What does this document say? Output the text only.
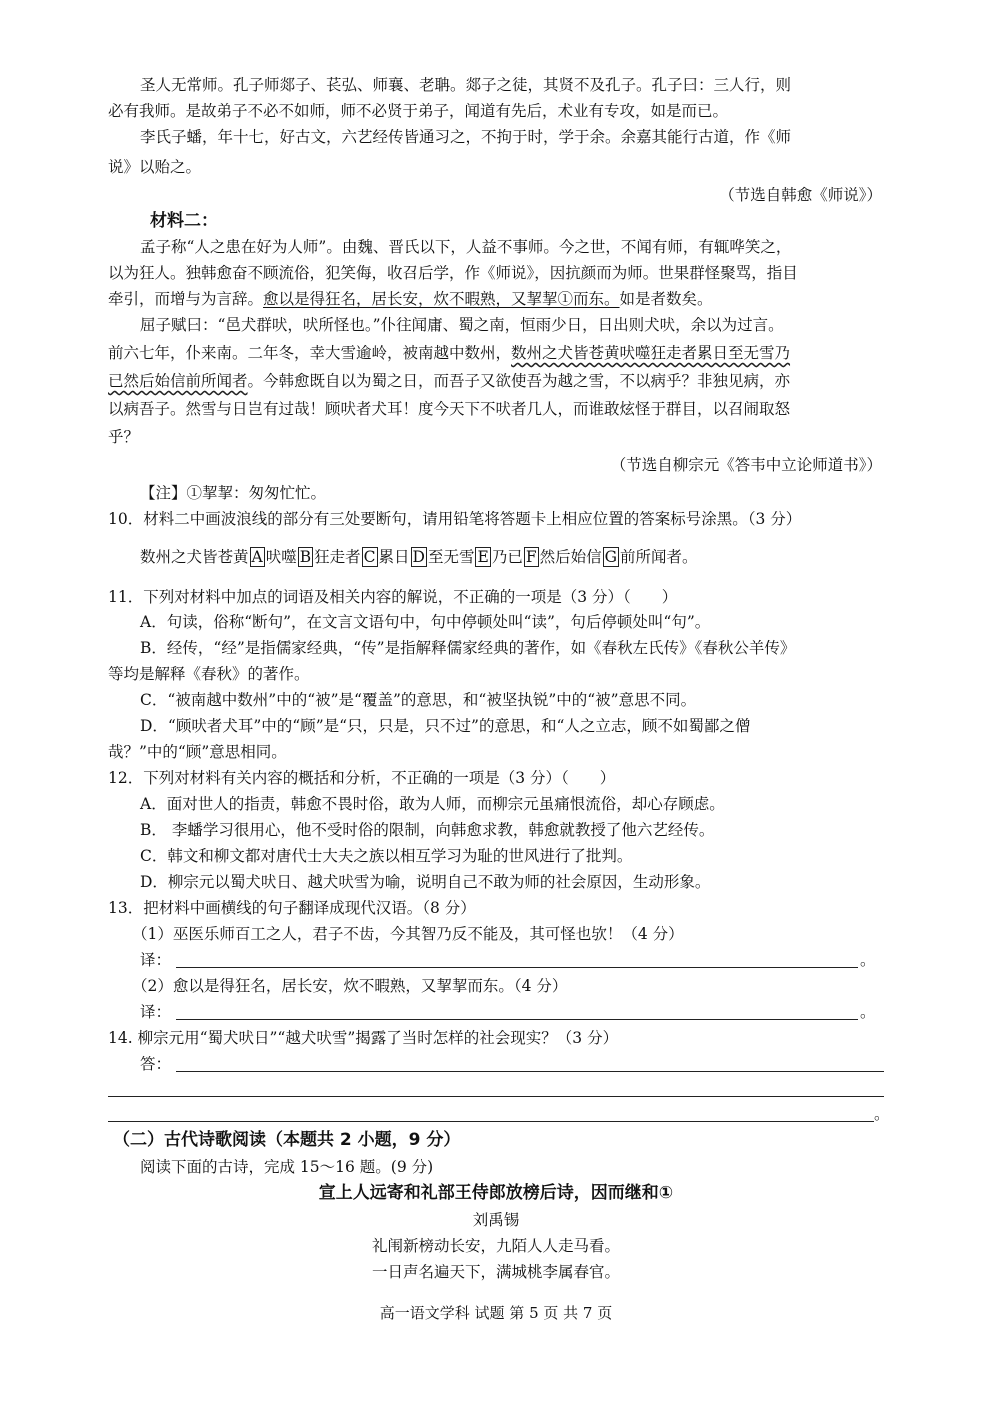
圣人无常师。孔子师郯子、苌弘、师襄、老聃。郯子之徒，其贤不及孔子。孔子曰：三人行，则
必有我师。是故弟子不必不如师，师不必贤于弟子，闻道有先后，术业有专攻，如是而已。
李氏子蟠，年十七，好古文，六艺经传皆通习之，不拘于时，学于余。余嘉其能行古道，作《师
说》以贻之。
（节选自韩愈《师说》）
材料二：
孟子称“人之患在好为人师”。由魏、晋氏以下，人益不事师。今之世，不闻有师，有辄哗笑之，
以为狂人。独韩愈奋不顾流俗，犯笑侮，收召后学，作《师说》，因抗颜而为师。世果群怪聚骂，指目
牵引，而增与为言辞。愈以是得狂名，居长安，炊不暇熟，又挈挈①而东。如是者数矣。
屈子赋曰：“邑犬群吠，吠所怪也。”仆往闻庸、蜀之南，恒雨少日，日出则犬吠，余以为过言。
前六七年，仆来南。二年冬，幸大雪逾岭，被南越中数州，数州之犬皆苍黄吠噬狂走者累日至无雪乃
已然后始信前所闻者。今韩愈既自以为蜀之日，而吾子又欲使吾为越之雪，不以病乎？非独见病，亦
以病吾子。然雪与日岂有过哉！顾吠者犬耳！度今天下不吠者几人，而谁敢炫怪于群目，以召闹取怒
乎？
（节选自柳宗元《答韦中立论师道书》）
【注】①挈挈：匆匆忙忙。
10．材料二中画波浪线的部分有三处要断句，请用铅笔将答题卡上相应位置的答案标号涂黑。（3 分）
数州之犬皆苍黄 A 吠噬 B 狂走者 C 累日 D 至无雪 E 乃已 F 然后始信 G 前所闻者。
11．下列对材料中加点的词语及相关内容的解说，不正确的一项是（3 分）（　　）
A．句读，俗称“断句”，在文言文语句中，句中停顿处叫“读”，句后停顿处叫“句”。
B．经传，“经”是指儒家经典，“传”是指解释儒家经典的著作，如《春秋左氏传》《春秋公羊传》
等均是解释《春秋》的著作。
C．“被南越中数州”中的“被”是“覆盖”的意思，和“被坚执锐”中的“被”意思不同。
D．“顾吠者犬耳”中的“顾”是“只，只是，只不过”的意思，和“人之立志，顾不如蜀鄙之僧
哉？”中的“顾”意思相同。
12．下列对材料有关内容的概括和分析，不正确的一项是（3 分）（　　）
A．面对世人的指责，韩愈不畏时俗，敢为人师，而柳宗元虽痛恨流俗，却心存顾虑。
B． 李蟠学习很用心，他不受时俗的限制，向韩愈求教，韩愈就教授了他六艺经传。
C．韩文和柳文都对唐代士大夫之族以相互学习为耻的世风进行了批判。
D．柳宗元以蜀犬吠日、越犬吠雪为喻，说明自己不敢为师的社会原因，生动形象。
13．把材料中画横线的句子翻译成现代汉语。（8 分）
（1）巫医乐师百工之人，君子不齿，今其智乃反不能及，其可怪也欤！（4 分）
译：	。
（2）愈以是得狂名，居长安，炊不暇熟，又挈挈而东。（4 分）
译：	。
14. 柳宗元用“蜀犬吠日”“越犬吠雪”揭露了当时怎样的社会现实？（3 分）
答：
。
（二）古代诗歌阅读（本题共 2 小题，9 分）
阅读下面的古诗，完成 15～16 题。(9 分)
宣上人远寄和礼部王侍郎放榜后诗，因而继和①
刘禹锡
礼闱新榜动长安，九陌人人走马看。
一日声名遍天下，满城桃李属春官。
高一语文学科 试题 第 5 页 共 7 页
